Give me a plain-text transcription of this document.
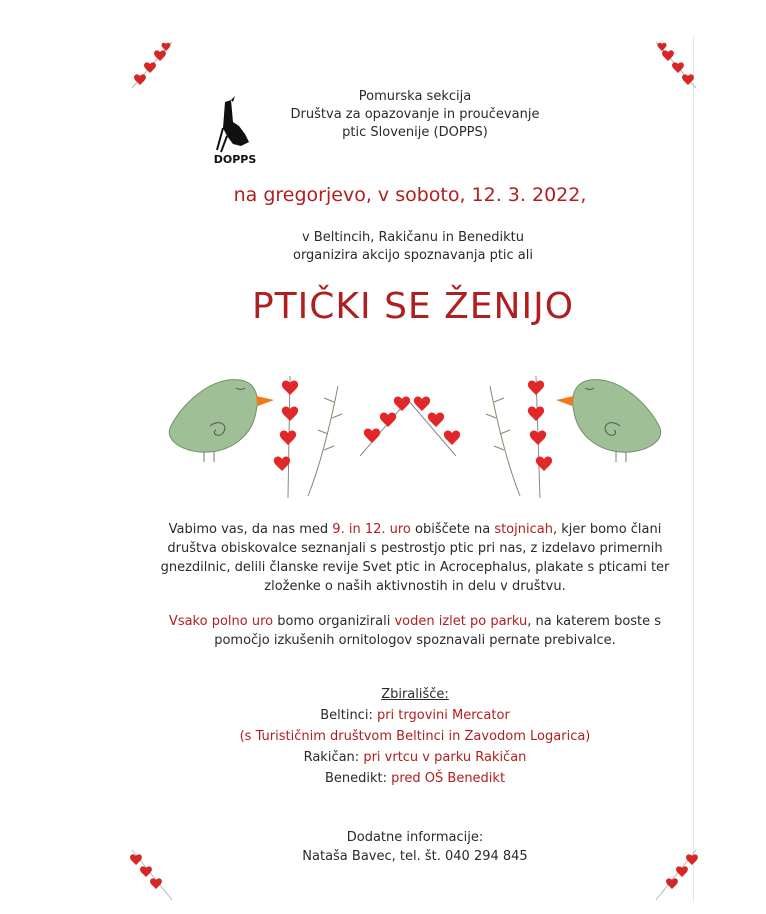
DOPPS
Pomurska sekcija
Društva za opazovanje in proučevanje
ptic Slovenije (DOPPS)
na gregorjevo, v soboto, 12. 3. 2022,
v Beltincih, Rakičanu in Benediktu
organizira akcijo spoznavanja ptic ali
PTIČKI SE ŽENIJO
Vabimo vas, da nas med 9. in 12. uro obiščete na stojnicah, kjer bomo člani
društva obiskovalce seznanjali s pestrostjo ptic pri nas, z izdelavo primernih
gnezdilnic, delili članske revije Svet ptic in Acrocephalus, plakate s pticami ter
zloženke o naših aktivnostih in delu v društvu.
Vsako polno uro bomo organizirali voden izlet po parku, na katerem boste s
pomočjo izkušenih ornitologov spoznavali pernate prebivalce.
Zbirališče:
Beltinci: pri trgovini Mercator
(s Turističnim društvom Beltinci in Zavodom Logarica)
Rakičan: pri vrtcu v parku Rakičan
Benedikt: pred OŠ Benedikt
Dodatne informacije:
Nataša Bavec, tel. št. 040 294 845
